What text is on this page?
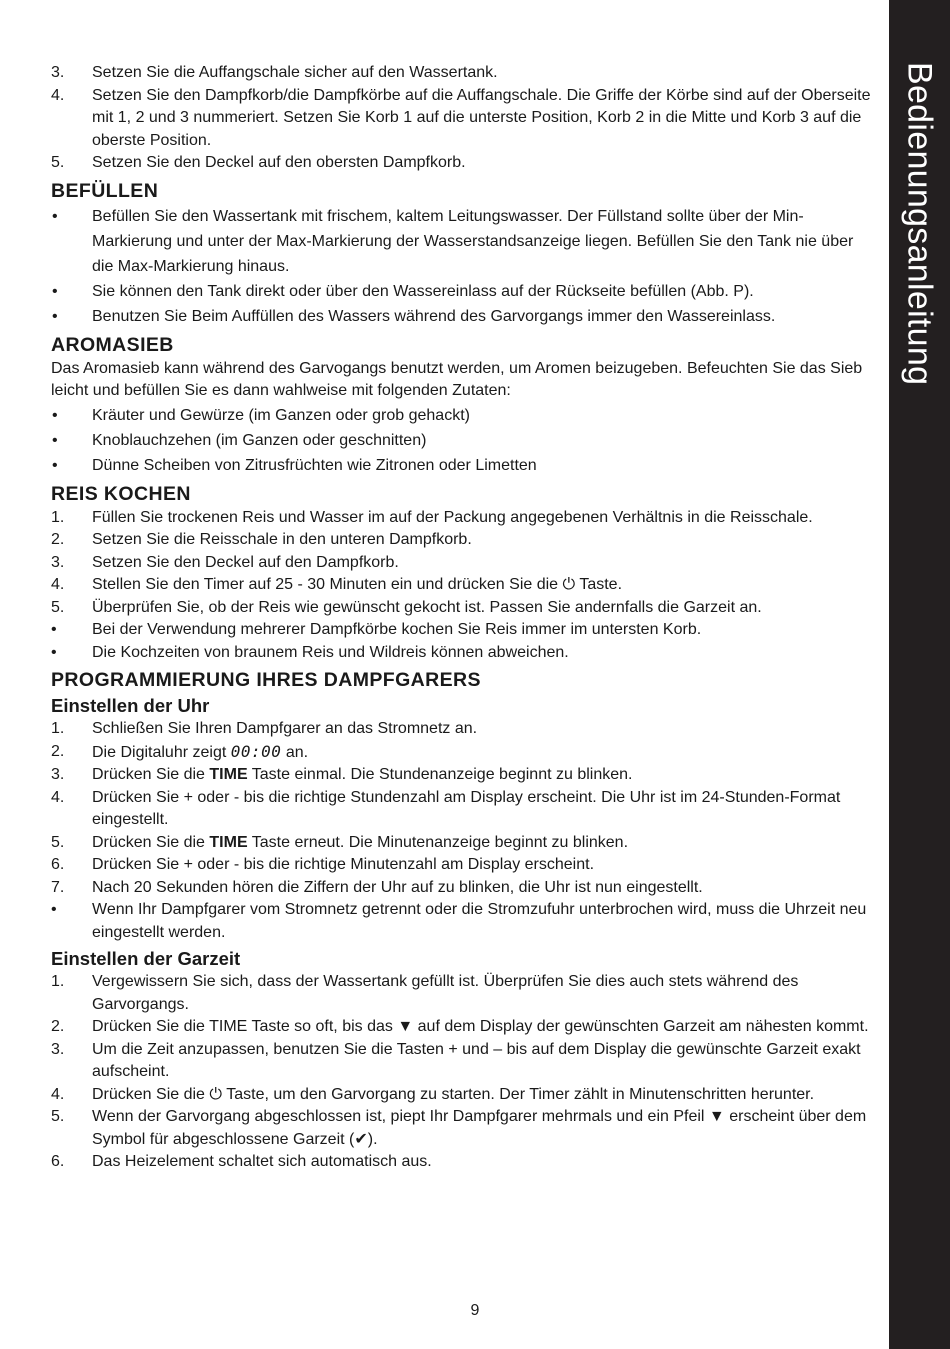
Bedienungsanleitung
3.	Setzen Sie die Auffangschale sicher auf den Wassertank.
4.	Setzen Sie den Dampfkorb/die Dampfkörbe auf die Auffangschale. Die Griffe der Körbe sind auf der Oberseite mit 1, 2 und 3 nummeriert. Setzen Sie Korb 1 auf die unterste Position, Korb 2 in die Mitte und Korb 3 auf die oberste Position.
5.	Setzen Sie den Deckel auf den obersten Dampfkorb.
BEFÜLLEN
•	Befüllen Sie den Wassertank mit frischem, kaltem Leitungswasser. Der Füllstand sollte über der Min-Markierung und unter der Max-Markierung der Wasserstandsanzeige liegen. Befüllen Sie den Tank nie über die Max-Markierung hinaus.
•	Sie können den Tank direkt oder über den Wassereinlass auf der Rückseite befüllen (Abb. P).
•	Benutzen Sie Beim Auffüllen des Wassers während des Garvorgangs immer den Wassereinlass.
AROMASIEB

Das Aromasieb kann während des Garvogangs benutzt werden, um Aromen beizugeben. Befeuchten Sie das Sieb leicht und befüllen Sie es dann wahlweise mit folgenden Zutaten:

•	Kräuter und Gewürze (im Ganzen oder grob gehackt)
•	Knoblauchzehen (im Ganzen oder geschnitten)
•	Dünne Scheiben von Zitrusfrüchten wie Zitronen oder Limetten
REIS KOCHEN
1.	Füllen Sie trockenen Reis und Wasser im auf der Packung angegebenen Verhältnis in die Reisschale.
2.	Setzen Sie die Reisschale in den unteren Dampfkorb.
3.	Setzen Sie den Deckel auf den Dampfkorb.
4.	Stellen Sie den Timer auf 25 - 30 Minuten ein und drücken Sie die ⏻ Taste.
5.	Überprüfen Sie, ob der Reis wie gewünscht gekocht ist. Passen Sie andernfalls die Garzeit an.
•	Bei der Verwendung mehrerer Dampfkörbe kochen Sie Reis immer im untersten Korb.
•	Die Kochzeiten von braunem Reis und Wildreis können abweichen.
PROGRAMMIERUNG IHRES DAMPFGARERS
Einstellen der Uhr
1.	Schließen Sie Ihren Dampfgarer an das Stromnetz an.
2.	Die Digitaluhr zeigt 00:00 an.
3.	Drücken Sie die TIME Taste einmal. Die Stundenanzeige beginnt zu blinken.
4.	Drücken Sie + oder - bis die richtige Stundenzahl am Display erscheint. Die Uhr ist im 24-Stunden-Format eingestellt.
5.	Drücken Sie die TIME Taste erneut. Die Minutenanzeige beginnt zu blinken.
6.	Drücken Sie + oder - bis die richtige Minutenzahl am Display erscheint.
7.	Nach 20 Sekunden hören die Ziffern der Uhr auf zu blinken, die Uhr ist nun eingestellt.
•	Wenn Ihr Dampfgarer vom Stromnetz getrennt oder die Stromzufuhr unterbrochen wird, muss die Uhrzeit neu eingestellt werden.
Einstellen der Garzeit
1.	Vergewissern Sie sich, dass der Wassertank gefüllt ist. Überprüfen Sie dies auch stets während des Garvorgangs.
2.	Drücken Sie die TIME Taste so oft, bis das ▼ auf dem Display der gewünschten Garzeit am nähesten kommt.
3.	Um die Zeit anzupassen, benutzen Sie die Tasten + und – bis auf dem Display die gewünschte Garzeit exakt aufscheint.
4.	Drücken Sie die ⏻ Taste, um den Garvorgang zu starten. Der Timer zählt in Minutenschritten herunter.
5.	Wenn der Garvorgang abgeschlossen ist, piept Ihr Dampfgarer mehrmals und ein Pfeil ▼ erscheint über dem Symbol für abgeschlossene Garzeit (✔).
6.	Das Heizelement schaltet sich automatisch aus.
9
